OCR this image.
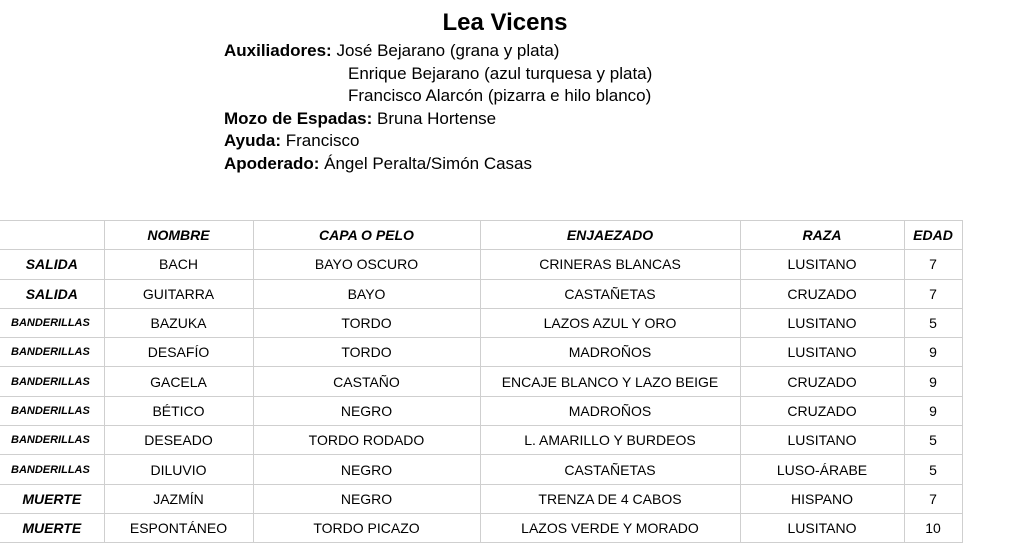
Lea Vicens
Auxiliadores: José Bejarano (grana y plata)
Enrique Bejarano (azul turquesa y plata)
Francisco Alarcón (pizarra e hilo blanco)
Mozo de Espadas: Bruna Hortense
Ayuda: Francisco
Apoderado: Ángel Peralta/Simón Casas
	NOMBRE	CAPA O PELO	ENJAEZADO	RAZA	EDAD
SALIDA	BACH	BAYO OSCURO	CRINERAS BLANCAS	LUSITANO	7
SALIDA	GUITARRA	BAYO	CASTAÑETAS	CRUZADO	7
BANDERILLAS	BAZUKA	TORDO	LAZOS AZUL Y ORO	LUSITANO	5
BANDERILLAS	DESAFÍO	TORDO	MADROÑOS	LUSITANO	9
BANDERILLAS	GACELA	CASTAÑO	ENCAJE BLANCO Y LAZO BEIGE	CRUZADO	9
BANDERILLAS	BÉTICO	NEGRO	MADROÑOS	CRUZADO	9
BANDERILLAS	DESEADO	TORDO RODADO	L. AMARILLO Y BURDEOS	LUSITANO	5
BANDERILLAS	DILUVIO	NEGRO	CASTAÑETAS	LUSO-ÁRABE	5
MUERTE	JAZMÍN	NEGRO	TRENZA DE 4 CABOS	HISPANO	7
MUERTE	ESPONTÁNEO	TORDO PICAZO	LAZOS VERDE Y MORADO	LUSITANO	10
